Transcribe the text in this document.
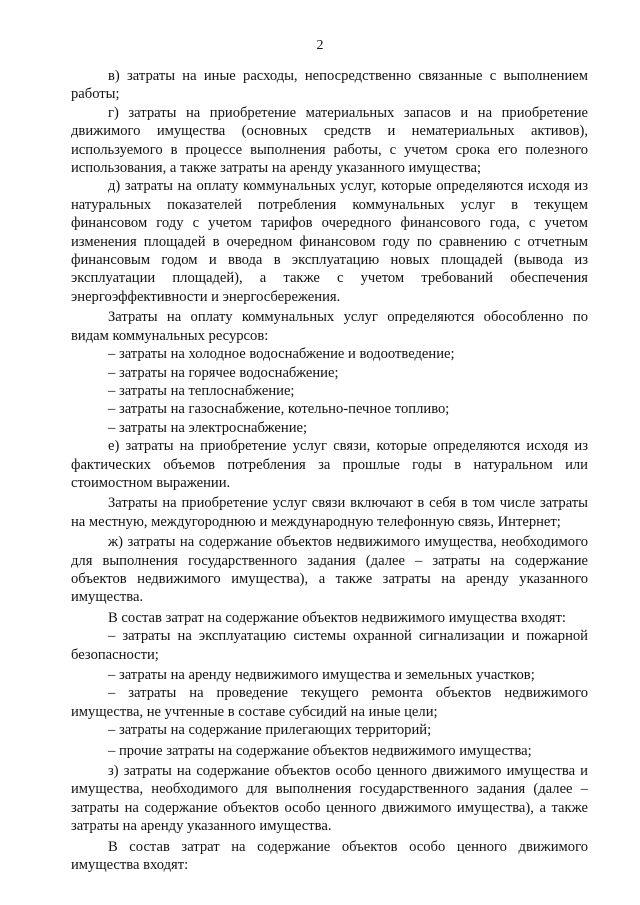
2

в) затраты на иные расходы, непосредственно связанные с выполнением работы;

г) затраты на приобретение материальных запасов и на приобретение движимого имущества (основных средств и нематериальных активов), используемого в процессе выполнения работы, с учетом срока его полезного использования, а также затраты на аренду указанного имущества;

д) затраты на оплату коммунальных услуг, которые определяются исходя из натуральных показателей потребления коммунальных услуг в текущем финансовом году с учетом тарифов очередного финансового года, с учетом изменения площадей в очередном финансовом году по сравнению с отчетным финансовым годом и ввода в эксплуатацию новых площадей (вывода из эксплуатации площадей), а также с учетом требований обеспечения энергоэффективности и энергосбережения.

Затраты на оплату коммунальных услуг определяются обособленно по видам коммунальных ресурсов:

– затраты на холодное водоснабжение и водоотведение;

– затраты на горячее водоснабжение;

– затраты на теплоснабжение;

– затраты на газоснабжение, котельно-печное топливо;

– затраты на электроснабжение;

е) затраты на приобретение услуг связи, которые определяются исходя из фактических объемов потребления за прошлые годы в натуральном или стоимостном выражении.

Затраты на приобретение услуг связи включают в себя в том числе затраты на местную, междугороднюю и международную телефонную связь, Интернет;

ж) затраты на содержание объектов недвижимого имущества, необходимого для выполнения государственного задания (далее – затраты на содержание объектов недвижимого имущества), а также затраты на аренду указанного имущества.

В состав затрат на содержание объектов недвижимого имущества входят:

– затраты на эксплуатацию системы охранной сигнализации и пожарной безопасности;

– затраты на аренду недвижимого имущества и земельных участков;

– затраты на проведение текущего ремонта объектов недвижимого имущества, не учтенные в составе субсидий на иные цели;

– затраты на содержание прилегающих территорий;

– прочие затраты на содержание объектов недвижимого имущества;

з) затраты на содержание объектов особо ценного движимого имущества и имущества, необходимого для выполнения государственного задания (далее – затраты на содержание объектов особо ценного движимого имущества), а также затраты на аренду указанного имущества.

В состав затрат на содержание объектов особо ценного движимого имущества входят:
